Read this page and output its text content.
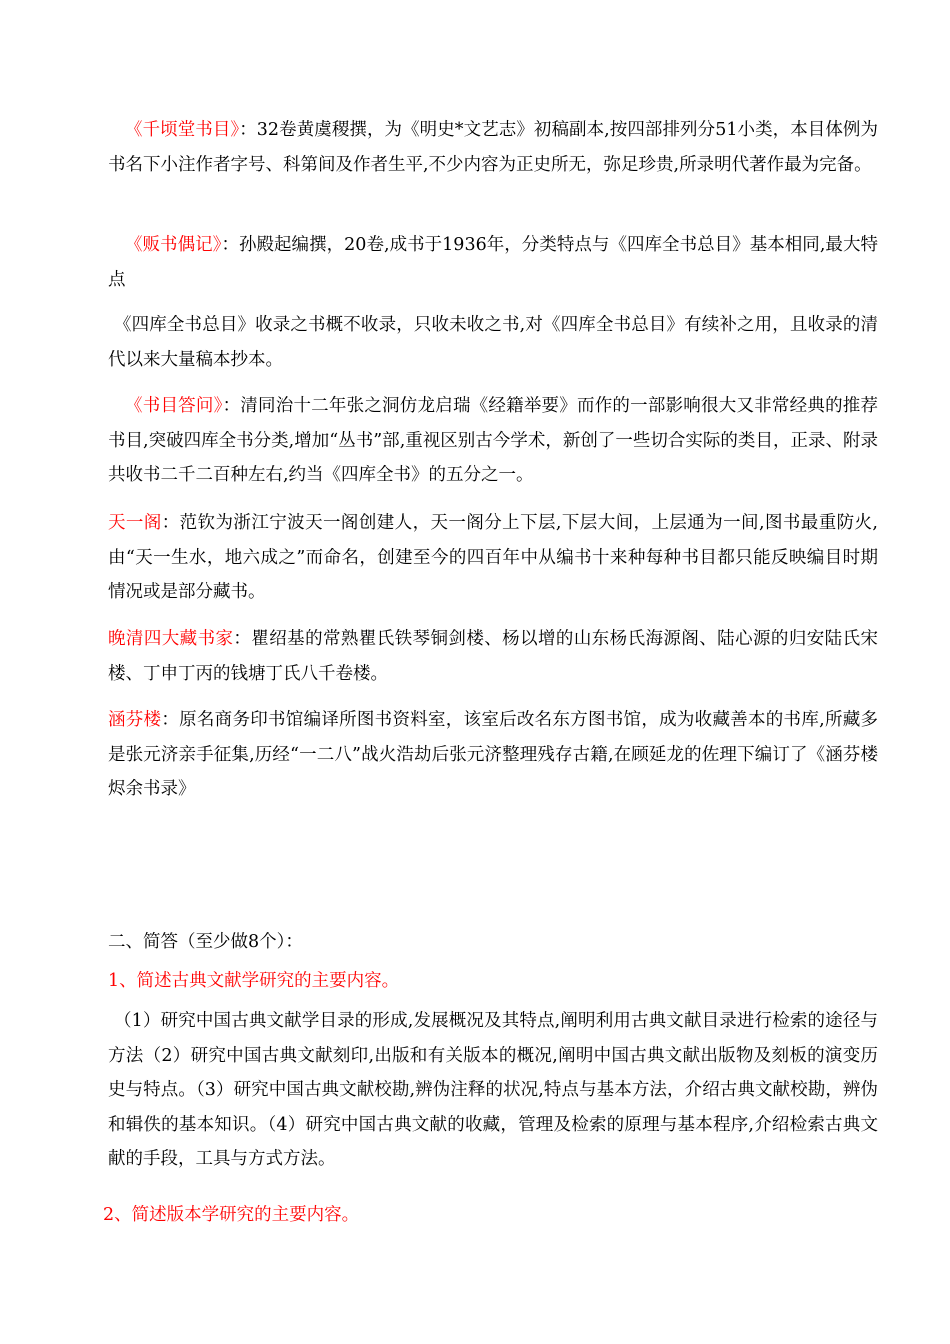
《千顷堂书目》：32卷黄虞稷撰，为《明史*文艺志》初稿副本,按四部排列分51小类，本目体例为书名下小注作者字号、科第间及作者生平,不少内容为正史所无，弥足珍贵,所录明代著作最为完备。

《贩书偶记》：孙殿起编撰，20卷,成书于1936年，分类特点与《四库全书总目》基本相同,最大特点

《四库全书总目》收录之书概不收录，只收未收之书,对《四库全书总目》有续补之用，且收录的清代以来大量稿本抄本。

《书目答问》：清同治十二年张之洞仿龙启瑞《经籍举要》而作的一部影响很大又非常经典的推荐书目,突破四库全书分类,增加“丛书”部,重视区别古今学术，新创了一些切合实际的类目，正录、附录共收书二千二百种左右,约当《四库全书》的五分之一。

天一阁：范钦为浙江宁波天一阁创建人，天一阁分上下层,下层大间，上层通为一间,图书最重防火,由“天一生水，地六成之”而命名，创建至今的四百年中从编书十来种每种书目都只能反映编目时期情况或是部分藏书。

晚清四大藏书家：瞿绍基的常熟瞿氏铁琴铜剑楼、杨以增的山东杨氏海源阁、陆心源的归安陆氏宋楼、丁申丁丙的钱塘丁氏八千卷楼。

涵芬楼：原名商务印书馆编译所图书资料室，该室后改名东方图书馆，成为收藏善本的书库,所藏多是张元济亲手征集,历经“一二八”战火浩劫后张元济整理残存古籍,在顾延龙的佐理下编订了《涵芬楼烬余书录》

二、简答（至少做8个）：

1、简述古典文献学研究的主要内容。

（1）研究中国古典文献学目录的形成,发展概况及其特点,阐明利用古典文献目录进行检索的途径与方法（2）研究中国古典文献刻印,出版和有关版本的概况,阐明中国古典文献出版物及刻板的演变历史与特点。（3）研究中国古典文献校勘,辨伪注释的状况,特点与基本方法，介绍古典文献校勘，辨伪和辑佚的基本知识。（4）研究中国古典文献的收藏，管理及检索的原理与基本程序,介绍检索古典文献的手段，工具与方式方法。

2、简述版本学研究的主要内容。
